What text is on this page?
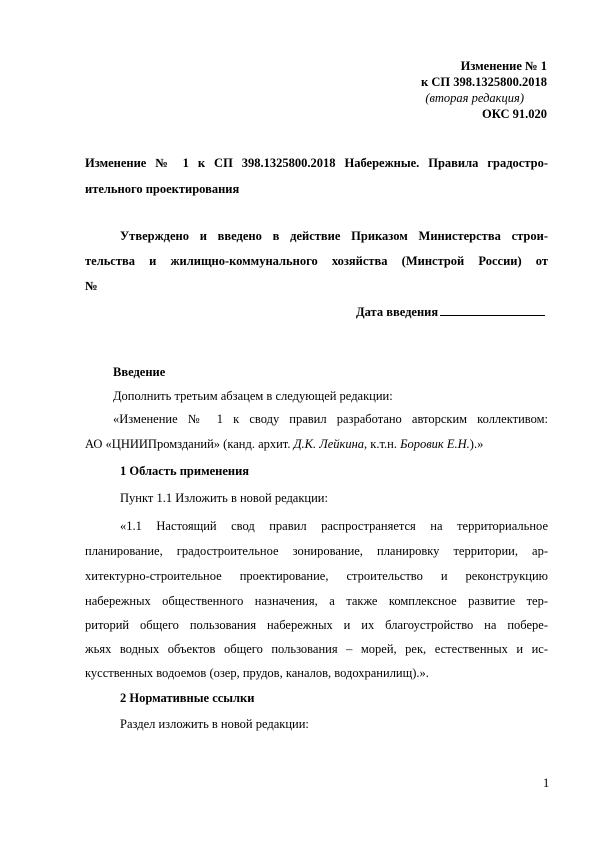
Изменение № 1
к СП 398.1325800.2018
(вторая редакция)
ОКС 91.020
Изменение № 1 к СП 398.1325800.2018 Набережные. Правила градостро-
ительного проектирования
Утверждено и введено в действие Приказом Министерства строи-
тельства и жилищно-коммунального хозяйства (Минстрой России) от
№
Дата введения
Введение
Дополнить третьим абзацем в следующей редакции:
«Изменение № 1 к своду правил разработано авторским коллективом:
АО «ЦНИИПромзданий» (канд. архит. Д.К. Лейкина, к.т.н. Боровик Е.Н.).»
1 Область применения
Пункт 1.1 Изложить в новой редакции:
«1.1 Настоящий свод правил распространяется на территориальное
планирование, градостроительное зонирование, планировку территории, ар-
хитектурно-строительное проектирование, строительство и реконструкцию
набережных общественного назначения, а также комплексное развитие тер-
риторий общего пользования набережных и их благоустройство на побере-
жьях водных объектов общего пользования – морей, рек, естественных и ис-
кусственных водоемов (озер, прудов, каналов, водохранилищ).».
2 Нормативные ссылки
Раздел изложить в новой редакции:
1
